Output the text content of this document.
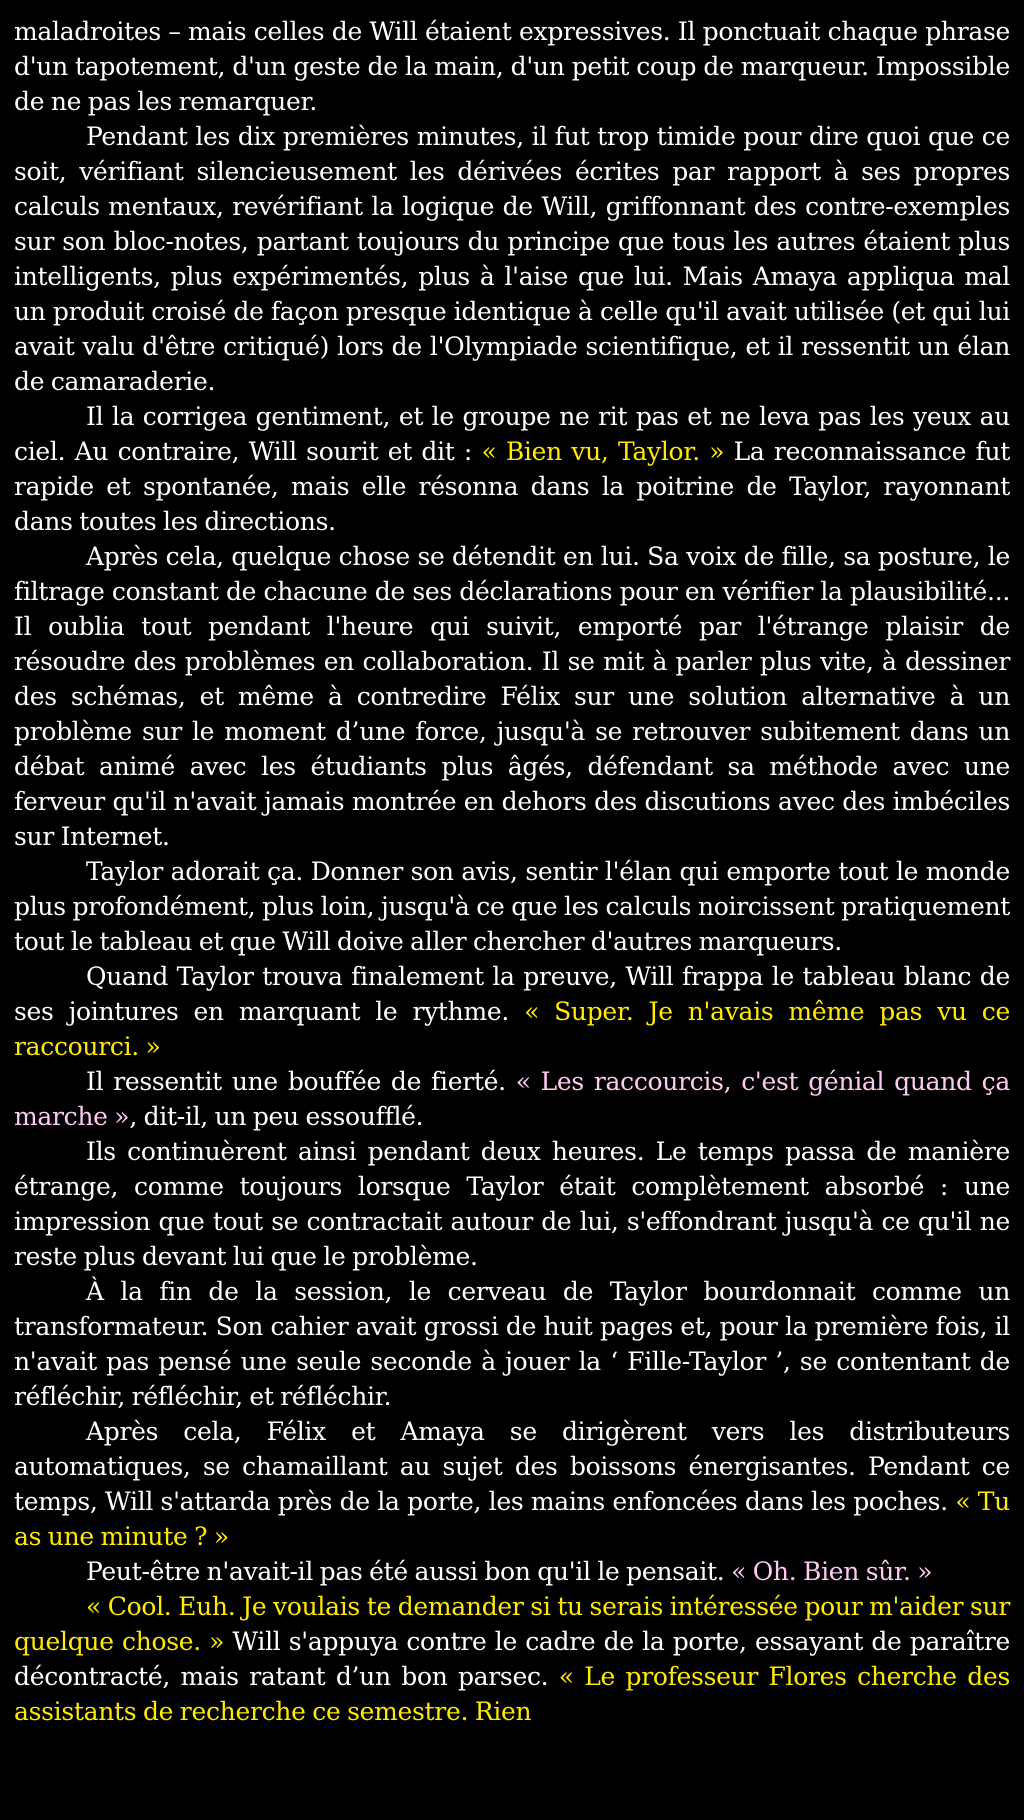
maladroites – mais celles de Will étaient expressives. Il ponctuait chaque phrase d'un tapotement, d'un geste de la main, d'un petit coup de marqueur. Impossible de ne pas les remarquer.

Pendant les dix premières minutes, il fut trop timide pour dire quoi que ce soit, vérifiant silencieusement les dérivées écrites par rapport à ses propres calculs mentaux, revérifiant la logique de Will, griffonnant des contre-exemples sur son bloc-notes, partant toujours du principe que tous les autres étaient plus intelligents, plus expérimentés, plus à l'aise que lui. Mais Amaya appliqua mal un produit croisé de façon presque identique à celle qu'il avait utilisée (et qui lui avait valu d'être critiqué) lors de l'Olympiade scientifique, et il ressentit un élan de camaraderie.

Il la corrigea gentiment, et le groupe ne rit pas et ne leva pas les yeux au ciel. Au contraire, Will sourit et dit : « Bien vu, Taylor. » La reconnaissance fut rapide et spontanée, mais elle résonna dans la poitrine de Taylor, rayonnant dans toutes les directions.

Après cela, quelque chose se détendit en lui. Sa voix de fille, sa posture, le filtrage constant de chacune de ses déclarations pour en vérifier la plausibilité... Il oublia tout pendant l'heure qui suivit, emporté par l'étrange plaisir de résoudre des problèmes en collaboration. Il se mit à parler plus vite, à dessiner des schémas, et même à contredire Félix sur une solution alternative à un problème sur le moment d’une force, jusqu'à se retrouver subitement dans un débat animé avec les étudiants plus âgés, défendant sa méthode avec une ferveur qu'il n'avait jamais montrée en dehors des discutions avec des imbéciles sur Internet.

Taylor adorait ça. Donner son avis, sentir l'élan qui emporte tout le monde plus profondément, plus loin, jusqu'à ce que les calculs noircissent pratiquement tout le tableau et que Will doive aller chercher d'autres marqueurs.

Quand Taylor trouva finalement la preuve, Will frappa le tableau blanc de ses jointures en marquant le rythme. « Super. Je n'avais même pas vu ce raccourci. »

Il ressentit une bouffée de fierté. « Les raccourcis, c'est génial quand ça marche », dit-il, un peu essoufflé.

Ils continuèrent ainsi pendant deux heures. Le temps passa de manière étrange, comme toujours lorsque Taylor était complètement absorbé : une impression que tout se contractait autour de lui, s'effondrant jusqu'à ce qu'il ne reste plus devant lui que le problème.

À la fin de la session, le cerveau de Taylor bourdonnait comme un transformateur. Son cahier avait grossi de huit pages et, pour la première fois, il n'avait pas pensé une seule seconde à jouer la ‘ Fille-Taylor ’, se contentant de réfléchir, réfléchir, et réfléchir.

Après cela, Félix et Amaya se dirigèrent vers les distributeurs automatiques, se chamaillant au sujet des boissons énergisantes. Pendant ce temps, Will s'attarda près de la porte, les mains enfoncées dans les poches. « Tu as une minute ? »

Peut-être n'avait-il pas été aussi bon qu'il le pensait. « Oh. Bien sûr. »

« Cool. Euh. Je voulais te demander si tu serais intéressée pour m'aider sur quelque chose. » Will s'appuya contre le cadre de la porte, essayant de paraître décontracté, mais ratant d’un bon parsec. « Le professeur Flores cherche des assistants de recherche ce semestre. Rien
